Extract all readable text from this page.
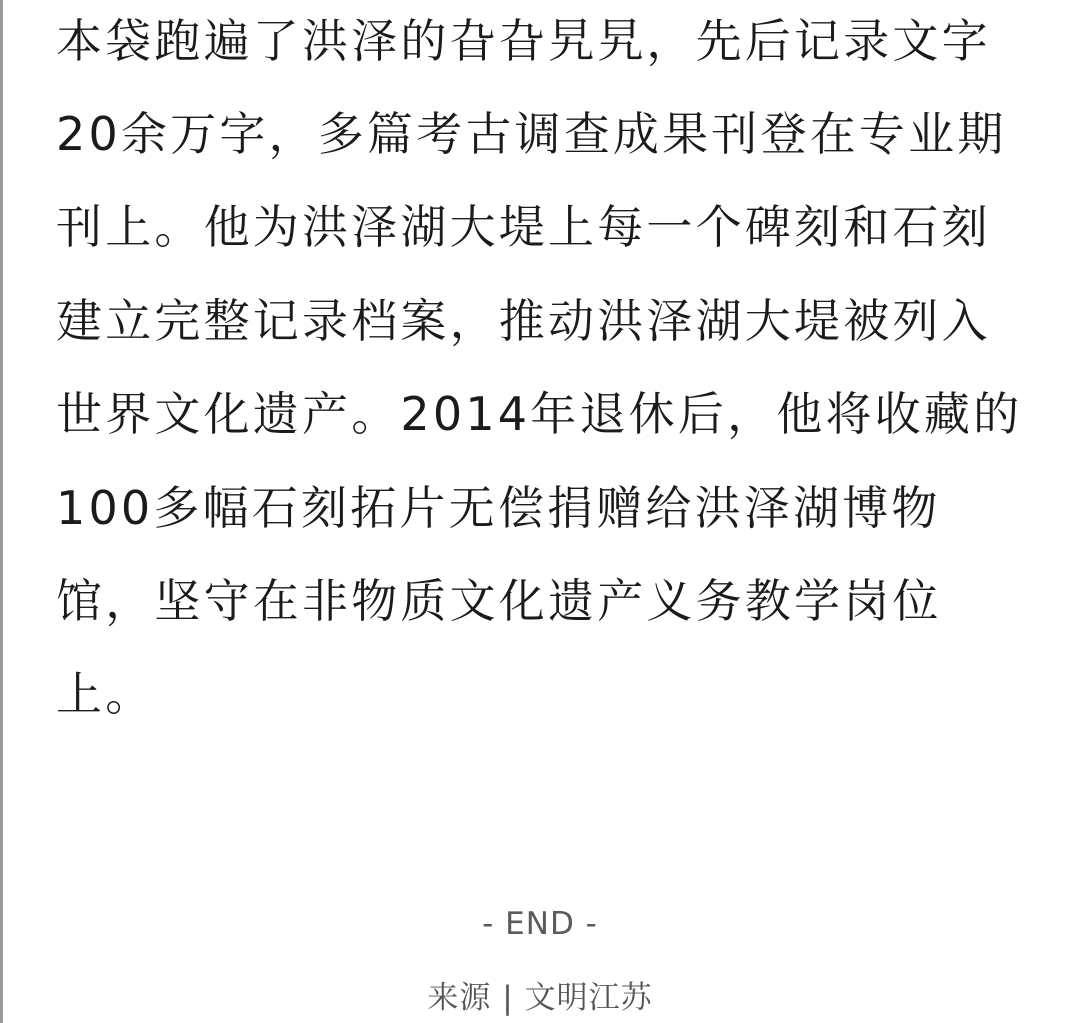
本袋跑遍了洪泽的旮旮旯旯，先后记录文字
20余万字，多篇考古调查成果刊登在专业期
刊上。他为洪泽湖大堤上每一个碑刻和石刻
建立完整记录档案，推动洪泽湖大堤被列入
世界文化遗产。2014年退休后，他将收藏的
100多幅石刻拓片无偿捐赠给洪泽湖博物
馆，坚守在非物质文化遗产义务教学岗位
上。
- END -
来源 | 文明江苏
